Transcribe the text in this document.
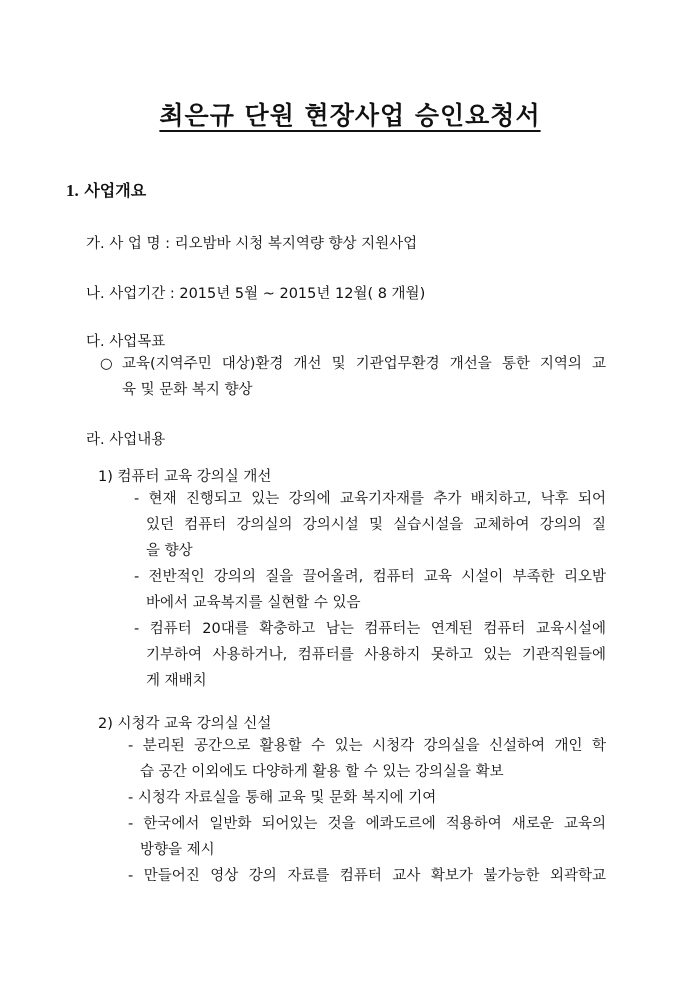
최은규 단원 현장사업 승인요청서
1. 사업개요
가. 사 업 명 : 리오밤바 시청 복지역량 향상 지원사업
나. 사업기간 : 2015년 5월 ~ 2015년 12월( 8 개월)
다. 사업목표
○ 교육(지역주민 대상)환경 개선 및 기관업무환경 개선을 통한 지역의 교
육 및 문화 복지 향상
라. 사업내용
1) 컴퓨터 교육 강의실 개선
- 현재 진행되고 있는 강의에 교육기자재를 추가 배치하고, 낙후 되어
있던 컴퓨터 강의실의 강의시설 및 실습시설을 교체하여 강의의 질
을 향상
- 전반적인 강의의 질을 끌어올려, 컴퓨터 교육 시설이 부족한 리오밤
바에서 교육복지를 실현할 수 있음
- 컴퓨터 20대를 확충하고 남는 컴퓨터는 연계된 컴퓨터 교육시설에
기부하여 사용하거나, 컴퓨터를 사용하지 못하고 있는 기관직원들에
게 재배치
2) 시청각 교육 강의실 신설
- 분리된 공간으로 활용할 수 있는 시청각 강의실을 신설하여 개인 학
습 공간 이외에도 다양하게 활용 할 수 있는 강의실을 확보
- 시청각 자료실을 통해 교육 및 문화 복지에 기여
- 한국에서 일반화 되어있는 것을 에콰도르에 적용하여 새로운 교육의
방향을 제시
- 만들어진 영상 강의 자료를 컴퓨터 교사 확보가 불가능한 외곽학교
